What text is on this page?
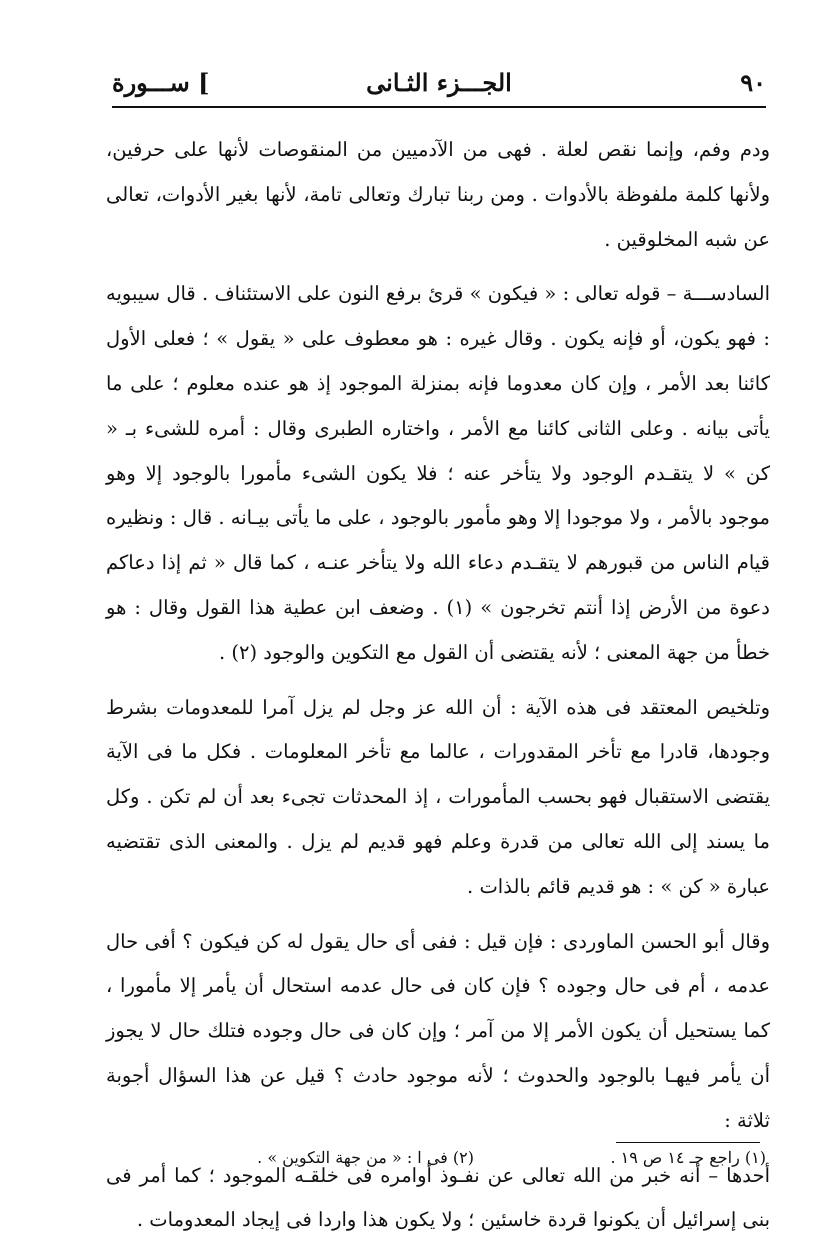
٩٠
الجـــزء الثـانى
] ســـورة

ودم وفم، وإنما نقص لعلة . فهى من الآدميين من المنقوصات لأنها على حرفين، ولأنها كلمة ملفوظة بالأدوات . ومن ربنا تبارك وتعالى تامة، لأنها بغير الأدوات، تعالى عن شبه المخلوقين .

السادســـة – قوله تعالى : « فيكون » قرئ برفع النون على الاستئناف . قال سيبويه : فهو يكون، أو فإنه يكون . وقال غيره : هو معطوف على « يقول » ؛ فعلى الأول كائنا بعد الأمر ، وإن كان معدوما فإنه بمنزلة الموجود إذ هو عنده معلوم ؛ على ما يأتى بيانه . وعلى الثانى كائنا مع الأمر ، واختاره الطبرى وقال : أمره للشىء بـ « كن » لا يتقـدم الوجود ولا يتأخر عنه ؛ فلا يكون الشىء مأمورا بالوجود إلا وهو موجود بالأمر ، ولا موجودا إلا وهو مأمور بالوجود ، على ما يأتى بيـانه . قال : ونظيره قيام الناس من قبورهم لا يتقـدم دعاء الله ولا يتأخر عنـه ، كما قال « ثم إذا دعاكم دعوة من الأرض إذا أنتم تخرجون » (١) . وضعف ابن عطية هذا القول وقال : هو خطأ من جهة المعنى ؛ لأنه يقتضى أن القول مع التكوين والوجود (٢) .

وتلخيص المعتقد فى هذه الآية : أن الله عز وجل لم يزل آمرا للمعدومات بشرط وجودها، قادرا مع تأخر المقدورات ، عالما مع تأخر المعلومات . فكل ما فى الآية يقتضى الاستقبال فهو بحسب المأمورات ، إذ المحدثات تجىء بعد أن لم تكن . وكل ما يسند إلى الله تعالى من قدرة وعلم فهو قديم لم يزل . والمعنى الذى تقتضيه عبارة « كن » : هو قديم قائم بالذات .

وقال أبو الحسن الماوردى : فإن قيل : ففى أى حال يقول له كن فيكون ؟ أفى حال عدمه ، أم فى حال وجوده ؟ فإن كان فى حال عدمه استحال أن يأمر إلا مأمورا ، كما يستحيل أن يكون الأمر إلا من آمر ؛ وإن كان فى حال وجوده فتلك حال لا يجوز أن يأمر فيهـا بالوجود والحدوث ؛ لأنه موجود حادث ؟ قيل عن هذا السؤال أجوبة ثلاثة :

أحدها – أنه خبر من الله تعالى عن نفـوذ أوامره فى خلقـه الموجود ؛ كما أمر فى بنى إسرائيل أن يكونوا قردة خاسئين ؛ ولا يكون هذا واردا فى إيجاد المعدومات .

(١) راجع جـ ١٤ ص ١٩ .
(٢) فى ا : « من جهة التكوين » .
